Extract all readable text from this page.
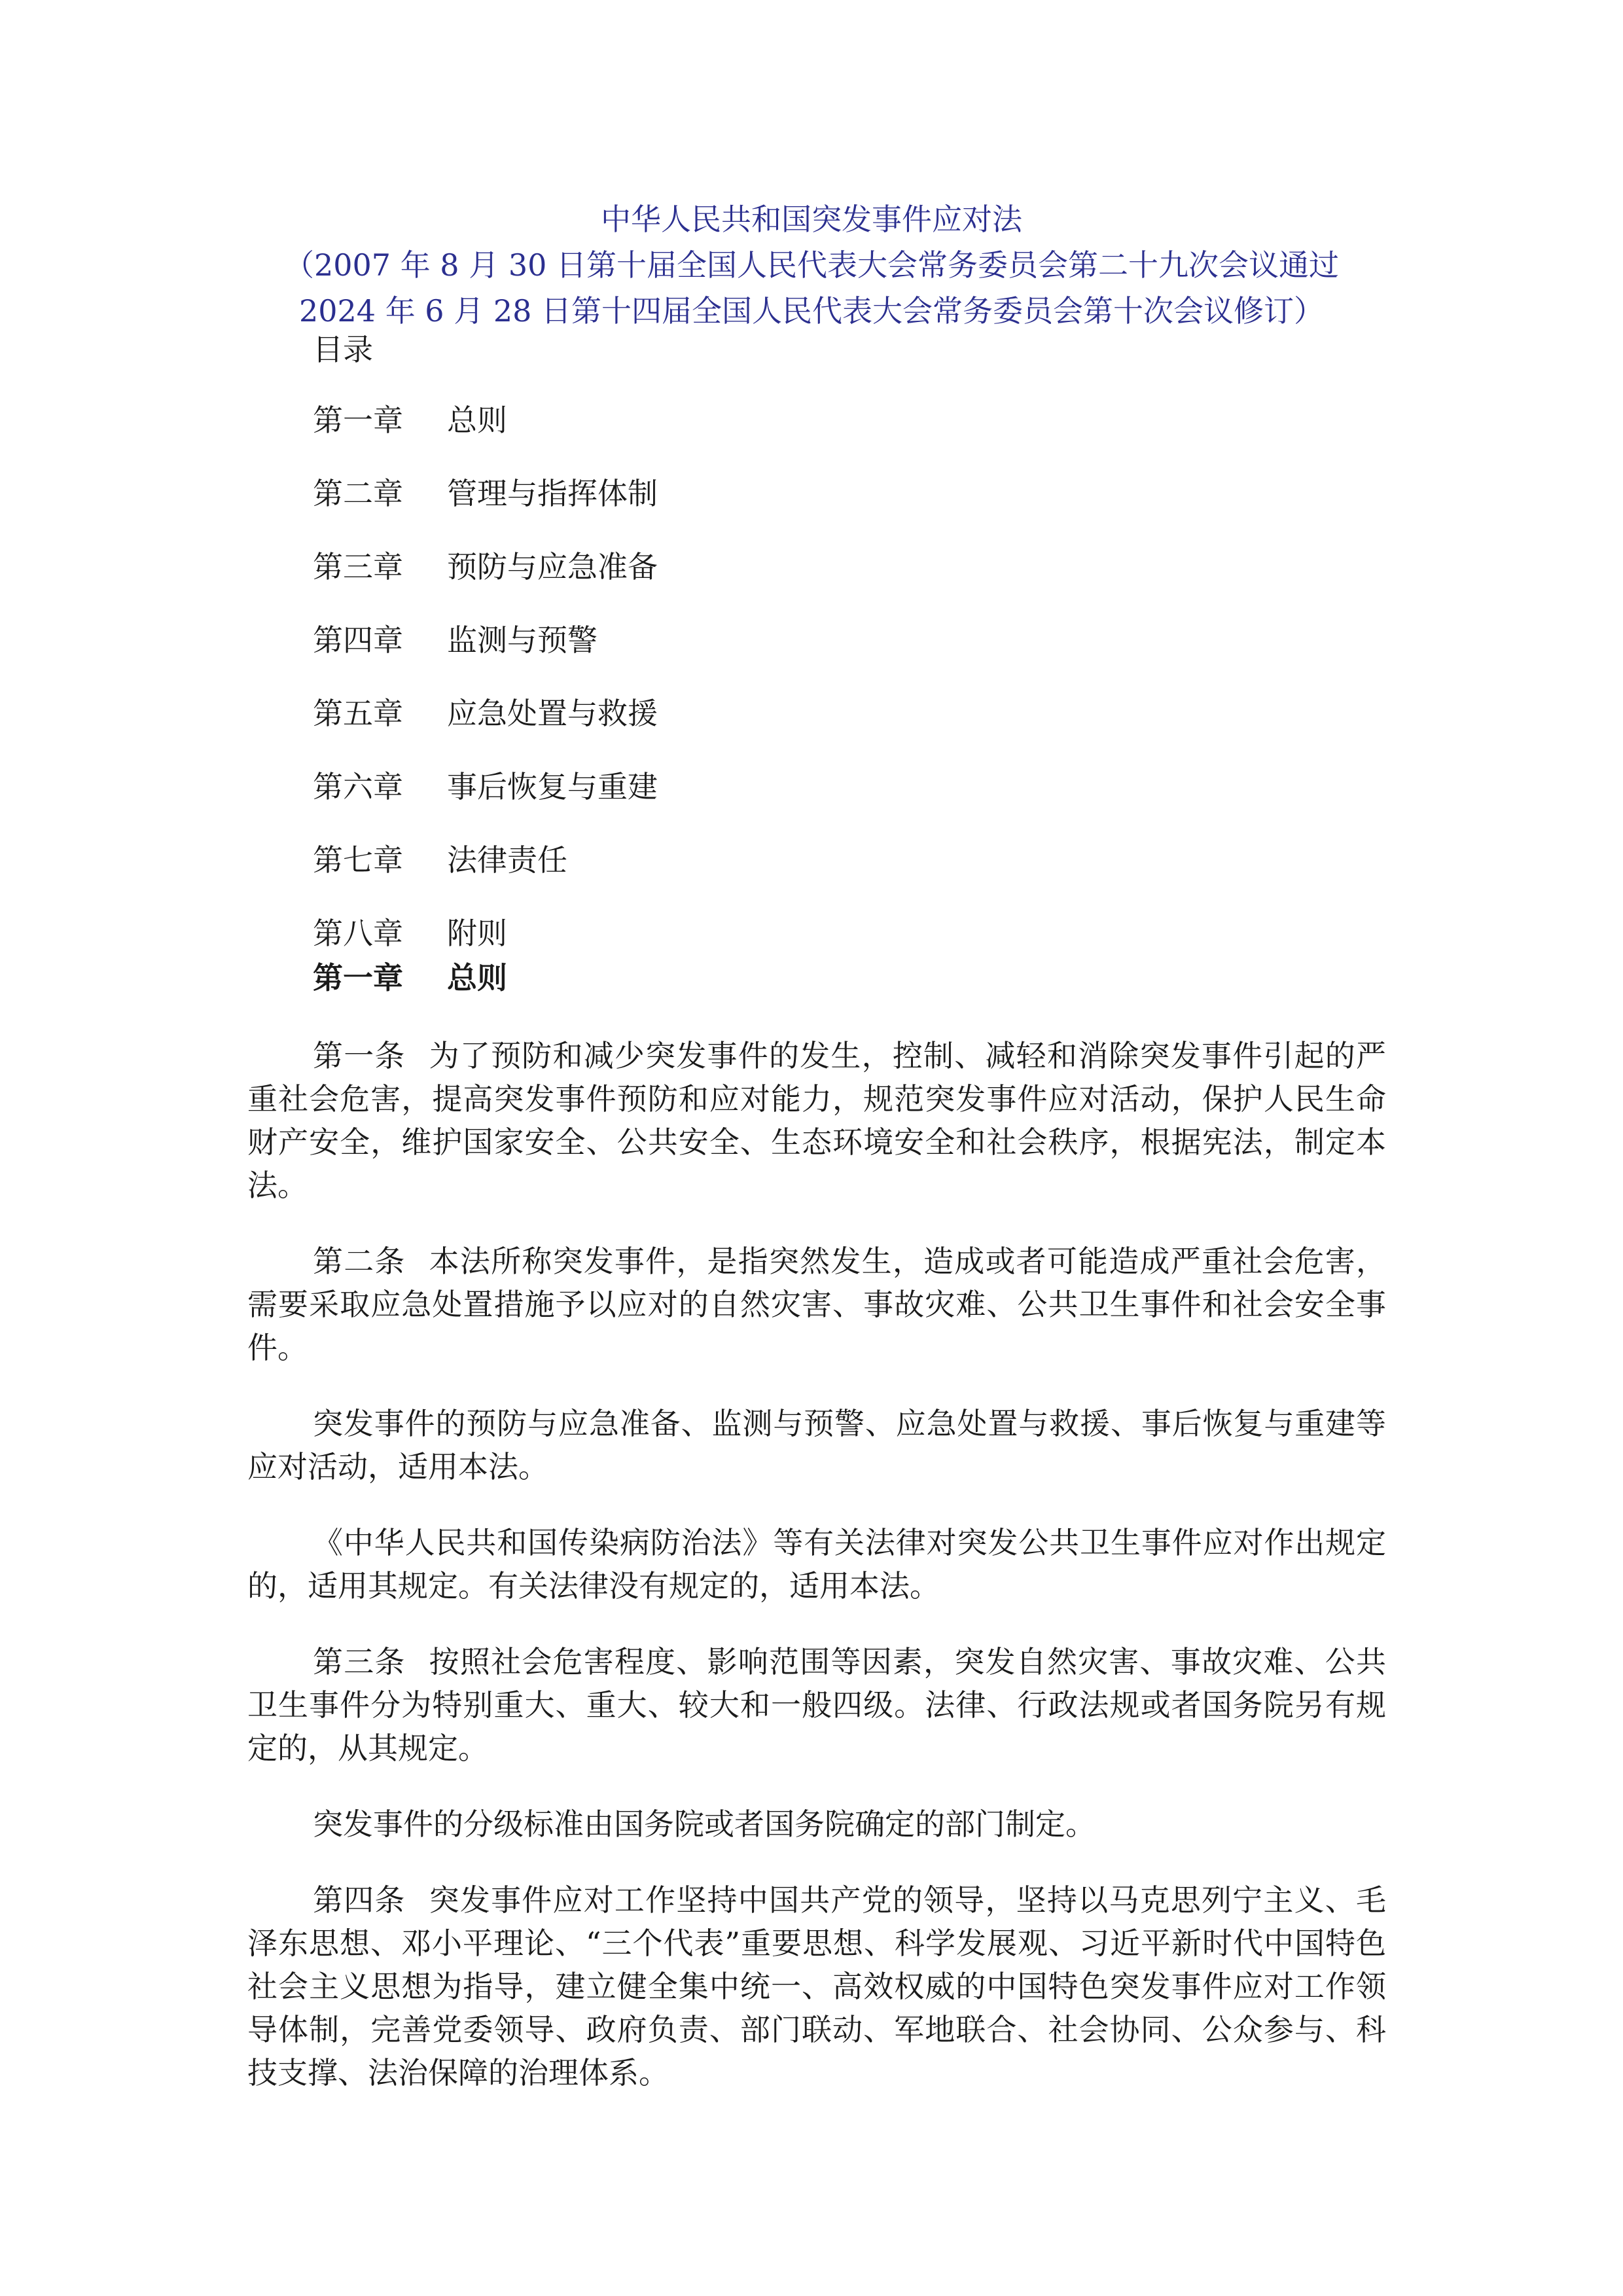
中华人民共和国突发事件应对法
（2007 年 8 月 30 日第十届全国人民代表大会常务委员会第二十九次会议通过
2024 年 6 月 28 日第十四届全国人民代表大会常务委员会第十次会议修订）
目录
第一章 总则
第二章 管理与指挥体制
第三章 预防与应急准备
第四章 监测与预警
第五章 应急处置与救援
第六章 事后恢复与重建
第七章 法律责任
第八章 附则
第一章 总则

第一条 为了预防和减少突发事件的发生，控制、减轻和消除突发事件引起的严重社会危害，提高突发事件预防和应对能力，规范突发事件应对活动，保护人民生命财产安全，维护国家安全、公共安全、生态环境安全和社会秩序，根据宪法，制定本法。

第二条 本法所称突发事件，是指突然发生，造成或者可能造成严重社会危害，需要采取应急处置措施予以应对的自然灾害、事故灾难、公共卫生事件和社会安全事件。

突发事件的预防与应急准备、监测与预警、应急处置与救援、事后恢复与重建等应对活动，适用本法。

《中华人民共和国传染病防治法》等有关法律对突发公共卫生事件应对作出规定的，适用其规定。有关法律没有规定的，适用本法。

第三条 按照社会危害程度、影响范围等因素，突发自然灾害、事故灾难、公共卫生事件分为特别重大、重大、较大和一般四级。法律、行政法规或者国务院另有规定的，从其规定。

突发事件的分级标准由国务院或者国务院确定的部门制定。

第四条 突发事件应对工作坚持中国共产党的领导，坚持以马克思列宁主义、毛泽东思想、邓小平理论、“三个代表”重要思想、科学发展观、习近平新时代中国特色社会主义思想为指导，建立健全集中统一、高效权威的中国特色突发事件应对工作领导体制，完善党委领导、政府负责、部门联动、军地联合、社会协同、公众参与、科技支撑、法治保障的治理体系。
